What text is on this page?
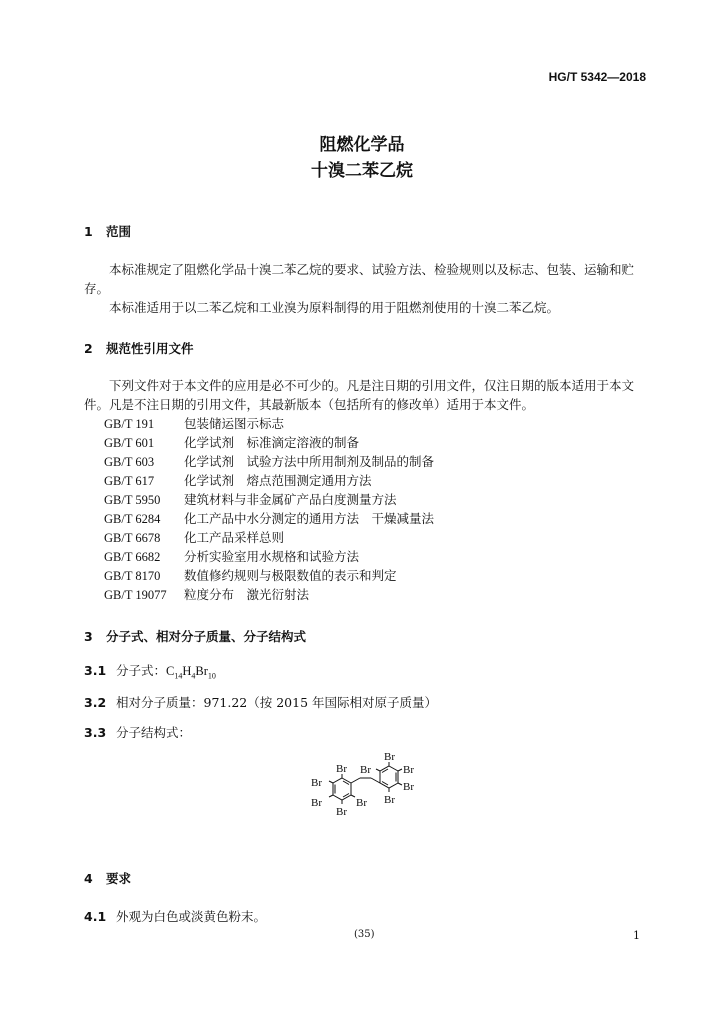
HG/T 5342—2018
阻燃化学品
十溴二苯乙烷
1 范围
本标准规定了阻燃化学品十溴二苯乙烷的要求、试验方法、检验规则以及标志、包装、运输和贮存。
本标准适用于以二苯乙烷和工业溴为原料制得的用于阻燃剂使用的十溴二苯乙烷。
2 规范性引用文件
下列文件对于本文件的应用是必不可少的。凡是注日期的引用文件，仅注日期的版本适用于本文件。凡是不注日期的引用文件，其最新版本（包括所有的修改单）适用于本文件。
GB/T 191 包装储运图示标志
GB/T 601 化学试剂　标准滴定溶液的制备
GB/T 603 化学试剂　试验方法中所用制剂及制品的制备
GB/T 617 化学试剂　熔点范围测定通用方法
GB/T 5950 建筑材料与非金属矿产品白度测量方法
GB/T 6284 化工产品中水分测定的通用方法　干燥减量法
GB/T 6678 化工产品采样总则
GB/T 6682 分析实验室用水规格和试验方法
GB/T 8170 数值修约规则与极限数值的表示和判定
GB/T 19077 粒度分布　激光衍射法
3 分子式、相对分子质量、分子结构式
3.1 分子式：$C_{14}H_4Br_{10}$
3.2 相对分子质量：971.22（按 2015 年国际相对原子质量）
3.3 分子结构式：
Br
Br
Br
Br
Br
Br
Br	Br
Br
Br
4 要求
4.1 外观为白色或淡黄色粉末。
(35)	1
